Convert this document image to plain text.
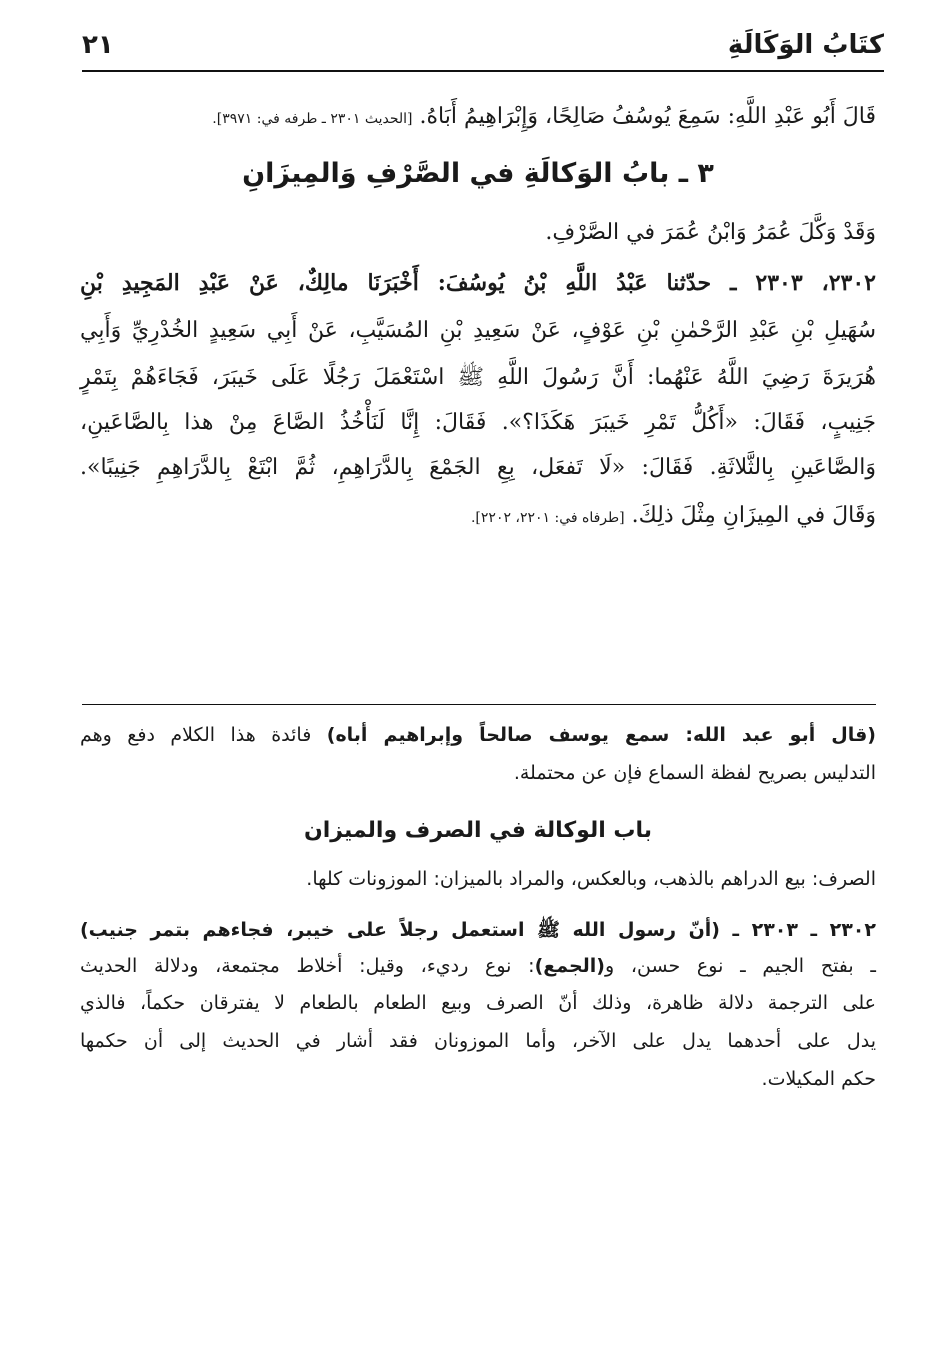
كتَابُ الوَكَالَةِ
٢١
قَالَ أَبُو عَبْدِ اللَّهِ: سَمِعَ يُوسُفُ صَالِحًا، وَإِبْرَاهِيمُ أَبَاهُ. [الحديث ٢٣٠١ ـ طرفه في: ٣٩٧١].
٣ ـ بابُ الوَكالَةِ في الصَّرْفِ وَالمِيزَانِ
وَقَدْ وَكَّلَ عُمَرُ وَابْنُ عُمَرَ في الصَّرْفِ.
٢٣٠٢، ٢٣٠٣ ـ حدّثنا عَبْدُ اللَّهِ بْنُ يُوسُفَ: أَخْبَرَنَا مالِكٌ، عَنْ عَبْدِ المَجِيدِ بْنِ
سُهَيلِ بْنِ عَبْدِ الرَّحْمٰنِ بْنِ عَوْفٍ، عَنْ سَعِيدِ بْنِ المُسَيَّبِ، عَنْ أَبِي سَعِيدٍ الخُدْرِيِّ وَأَبِي
هُرَيرَةَ رَضِيَ اللَّهُ عَنْهُما: أَنَّ رَسُولَ اللَّهِ ﷺ اسْتَعْمَلَ رَجُلًا عَلَى خَيبَرَ، فَجَاءَهُمْ بِتَمْرٍ
جَنِيبٍ، فَقَالَ: «أَكُلُّ تَمْرِ خَيبَرَ هَكَذَا؟». فَقَالَ: إِنَّا لَنَأْخُذُ الصَّاعَ مِنْ هذا بِالصَّاعَينِ،
وَالصَّاعَينِ بِالثَّلاثَةِ. فَقَالَ: «لَا تَفعَل، بِعِ الجَمْعَ بِالدَّرَاهِمِ، ثُمَّ ابْتَعْ بِالدَّرَاهِمِ جَنِيبًا».
وَقَالَ في المِيزَانِ مِثْلَ ذلِكَ. [طرفاه في: ٢٢٠١، ٢٢٠٢].
(قال أبو عبد الله: سمع يوسف صالحاً وإبراهيم أباه) فائدة هذا الكلام دفع وهم
التدليس بصريح لفظة السماع فإن عن محتملة.
باب الوكالة في الصرف والميزان
الصرف: بيع الدراهم بالذهب، وبالعكس، والمراد بالميزان: الموزونات كلها.
٢٣٠٢ ـ ٢٣٠٣ ـ (أنّ رسول الله ﷺ استعمل رجلاً على خيبر، فجاءهم بتمر جنيب)
ـ بفتح الجيم ـ نوع حسن، و(الجمع): نوع رديء، وقيل: أخلاط مجتمعة، ودلالة الحديث
على الترجمة دلالة ظاهرة، وذلك أنّ الصرف وبيع الطعام بالطعام لا يفترقان حكماً، فالذي
يدل على أحدهما يدل على الآخر، وأما الموزونان فقد أشار في الحديث إلى أن حكمها
حكم المكيلات.
